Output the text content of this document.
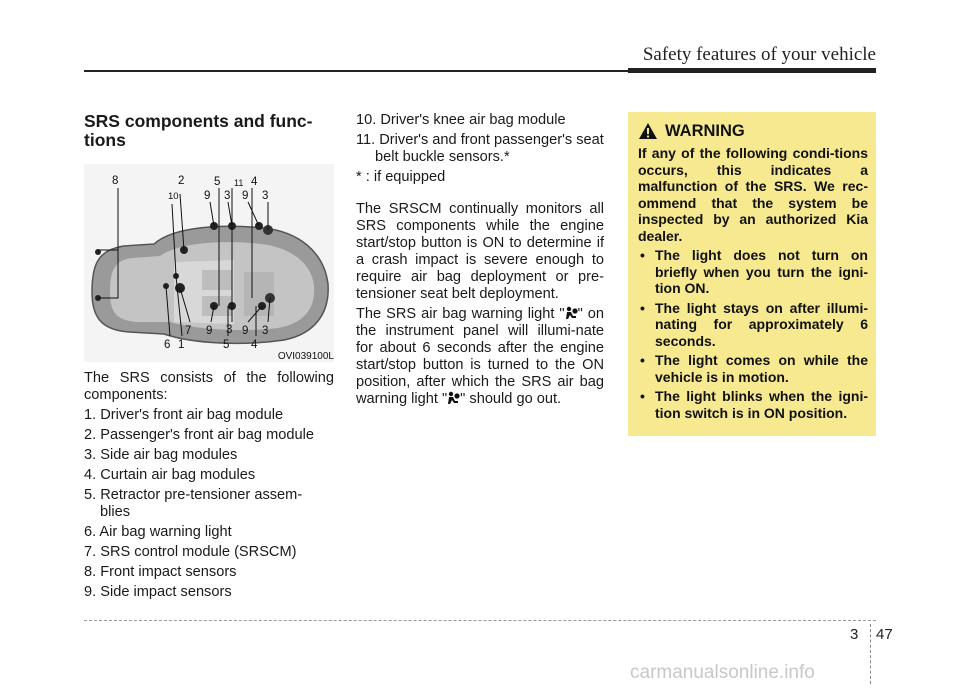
Safety features of your vehicle
SRS components and func-
tions
8	2
10
5 11 4
9 3 9 3
7 9 3 9 3
6 1	5 4
OVI039100L

The SRS consists of the following components:

1. Driver's front air bag module
2. Passenger's front air bag module
3. Side air bag modules
4. Curtain air bag modules
5. Retractor pre-tensioner assem-
blies
6. Air bag warning light
7. SRS control module (SRSCM)
8. Front impact sensors
9. Side impact sensors
10. Driver's knee air bag module
11. Driver's and front passenger's seat belt buckle sensors.*

* : if equipped

The SRSCM continually monitors all SRS components while the engine start/stop button is ON to determine if a crash impact is severe enough to require air bag deployment or pre-tensioner seat belt deployment.

The SRS air bag warning light " " on the instrument panel will illumi-nate for about 6 seconds after the engine start/stop button is turned to the ON position, after which the SRS air bag warning light " " should go out.

WARNING

If any of the following condi-tions occurs, this indicates a malfunction of the SRS. We rec-ommend that the system be inspected by an authorized Kia dealer.

• The light does not turn on briefly when you turn the igni-tion ON.
• The light stays on after illumi-nating for approximately 6 seconds.
• The light comes on while the vehicle is in motion.
• The light blinks when the igni-tion switch is in ON position.
3 47
carmanualsonline.info
